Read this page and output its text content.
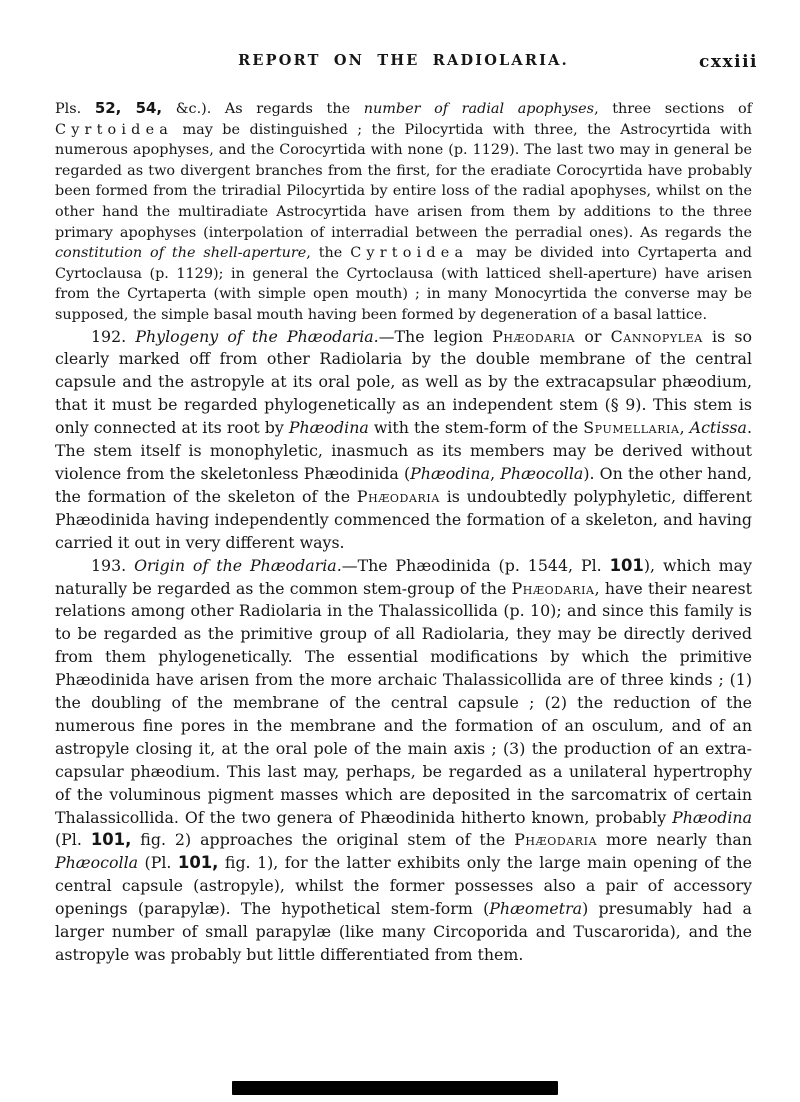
REPORT ON THE RADIOLARIA.	cxxiii

Pls. 52, 54, &c.). As regards the number of radial apophyses, three sections of Cyrtoidea may be distinguished ; the Pilocyrtida with three, the Astrocyrtida with numerous apophyses, and the Corocyrtida with none (p. 1129). The last two may in general be regarded as two divergent branches from the first, for the eradiate Corocyrtida have probably been formed from the triradial Pilocyrtida by entire loss of the radial apophyses, whilst on the other hand the multiradiate Astrocyrtida have arisen from them by additions to the three primary apophyses (interpolation of interradial between the perradial ones). As regards the constitution of the shell-aperture, the Cyrtoidea may be divided into Cyrtaperta and Cyrtoclausa (p. 1129); in general the Cyrtoclausa (with latticed shell-aperture) have arisen from the Cyrtaperta (with simple open mouth) ; in many Monocyrtida the converse may be supposed, the simple basal mouth having been formed by degeneration of a basal lattice.

192. Phylogeny of the Phæodaria.—The legion Phæodaria or Cannopylea is so clearly marked off from other Radiolaria by the double membrane of the central capsule and the astropyle at its oral pole, as well as by the extracapsular phæodium, that it must be regarded phylogenetically as an independent stem (§ 9). This stem is only connected at its root by Phæodina with the stem-form of the Spumellaria, Actissa. The stem itself is monophyletic, inasmuch as its members may be derived without violence from the skeletonless Phæodinida (Phæodina, Phæocolla). On the other hand, the formation of the skeleton of the Phæodaria is undoubtedly polyphyletic, different Phæodinida having independently commenced the formation of a skeleton, and having carried it out in very different ways.

193. Origin of the Phæodaria.—The Phæodinida (p. 1544, Pl. 101), which may naturally be regarded as the common stem-group of the Phæodaria, have their nearest relations among other Radiolaria in the Thalassicollida (p. 10); and since this family is to be regarded as the primitive group of all Radiolaria, they may be directly derived from them phylogenetically. The essential modifications by which the primitive Phæodinida have arisen from the more archaic Thalassicollida are of three kinds ; (1) the doubling of the membrane of the central capsule ; (2) the reduction of the numerous fine pores in the membrane and the formation of an osculum, and of an astropyle closing it, at the oral pole of the main axis ; (3) the production of an extra-capsular phæodium. This last may, perhaps, be regarded as a unilateral hypertrophy of the voluminous pigment masses which are deposited in the sarcomatrix of certain Thalassicollida. Of the two genera of Phæodinida hitherto known, probably Phæodina (Pl. 101, fig. 2) approaches the original stem of the Phæodaria more nearly than Phæocolla (Pl. 101, fig. 1), for the latter exhibits only the large main opening of the central capsule (astropyle), whilst the former possesses also a pair of accessory openings (parapylæ). The hypothetical stem-form (Phæometra) presumably had a larger number of small parapylæ (like many Circoporida and Tuscarorida), and the astropyle was probably but little differentiated from them.
